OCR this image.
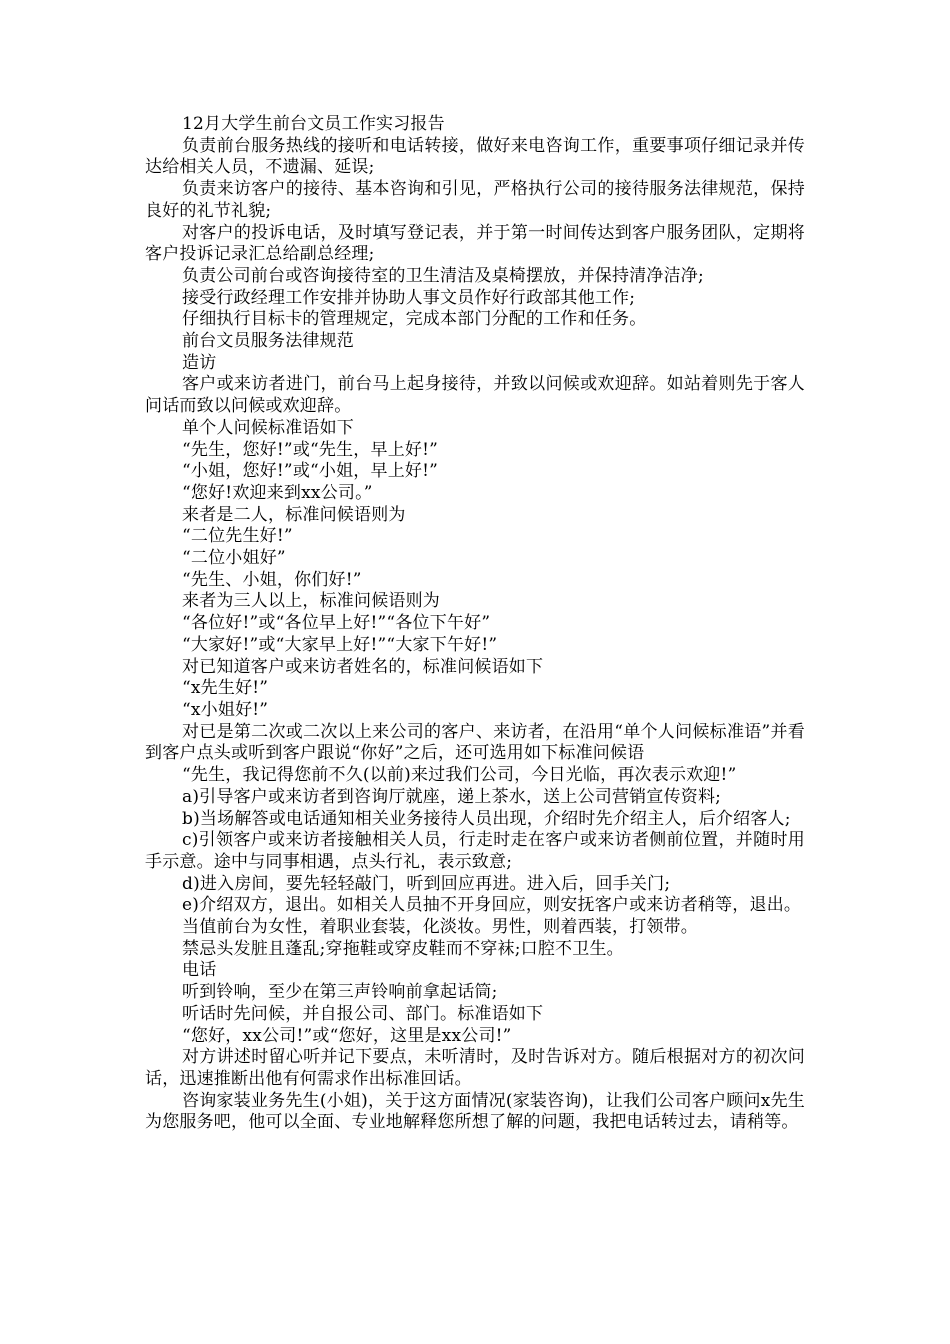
12月大学生前台文员工作实习报告

负责前台服务热线的接听和电话转接，做好来电咨询工作，重要事项仔细记录并传达给相关人员，不遗漏、延误;

负责来访客户的接待、基本咨询和引见，严格执行公司的接待服务法律规范，保持良好的礼节礼貌;

对客户的投诉电话，及时填写登记表，并于第一时间传达到客户服务团队，定期将客户投诉记录汇总给副总经理;

负责公司前台或咨询接待室的卫生清洁及桌椅摆放，并保持清净洁净;

接受行政经理工作安排并协助人事文员作好行政部其他工作;

仔细执行目标卡的管理规定，完成本部门分配的工作和任务。

前台文员服务法律规范

造访

客户或来访者进门，前台马上起身接待，并致以问候或欢迎辞。如站着则先于客人问话而致以问候或欢迎辞。

单个人问候标准语如下

“先生，您好!”或“先生，早上好!”

“小姐，您好!”或“小姐，早上好!”

“您好!欢迎来到xx公司。”

来者是二人，标准问候语则为

“二位先生好!”

“二位小姐好”

“先生、小姐，你们好!”

来者为三人以上，标准问候语则为

“各位好!”或“各位早上好!”“各位下午好”

“大家好!”或“大家早上好!”“大家下午好!”

对已知道客户或来访者姓名的，标准问候语如下

“x先生好!”

“x小姐好!”

对已是第二次或二次以上来公司的客户、来访者，在沿用“单个人问候标准语”并看到客户点头或听到客户跟说“你好”之后，还可选用如下标准问候语

“先生，我记得您前不久(以前)来过我们公司，今日光临，再次表示欢迎!”

a)引导客户或来访者到咨询厅就座，递上茶水，送上公司营销宣传资料;

b)当场解答或电话通知相关业务接待人员出现，介绍时先介绍主人，后介绍客人;

c)引领客户或来访者接触相关人员，行走时走在客户或来访者侧前位置，并随时用手示意。途中与同事相遇，点头行礼，表示致意;

d)进入房间，要先轻轻敲门，听到回应再进。进入后，回手关门;

e)介绍双方，退出。如相关人员抽不开身回应，则安抚客户或来访者稍等，退出。

当值前台为女性，着职业套装，化淡妆。男性，则着西装，打领带。

禁忌头发脏且蓬乱;穿拖鞋或穿皮鞋而不穿袜;口腔不卫生。

电话

听到铃响，至少在第三声铃响前拿起话筒;

听话时先问候，并自报公司、部门。标准语如下

“您好，xx公司!”或“您好，这里是xx公司!”

对方讲述时留心听并记下要点，未听清时，及时告诉对方。随后根据对方的初次问话，迅速推断出他有何需求作出标准回话。

咨询家装业务先生(小姐)，关于这方面情况(家装咨询)，让我们公司客户顾问x先生为您服务吧，他可以全面、专业地解释您所想了解的问题，我把电话转过去，请稍等。
